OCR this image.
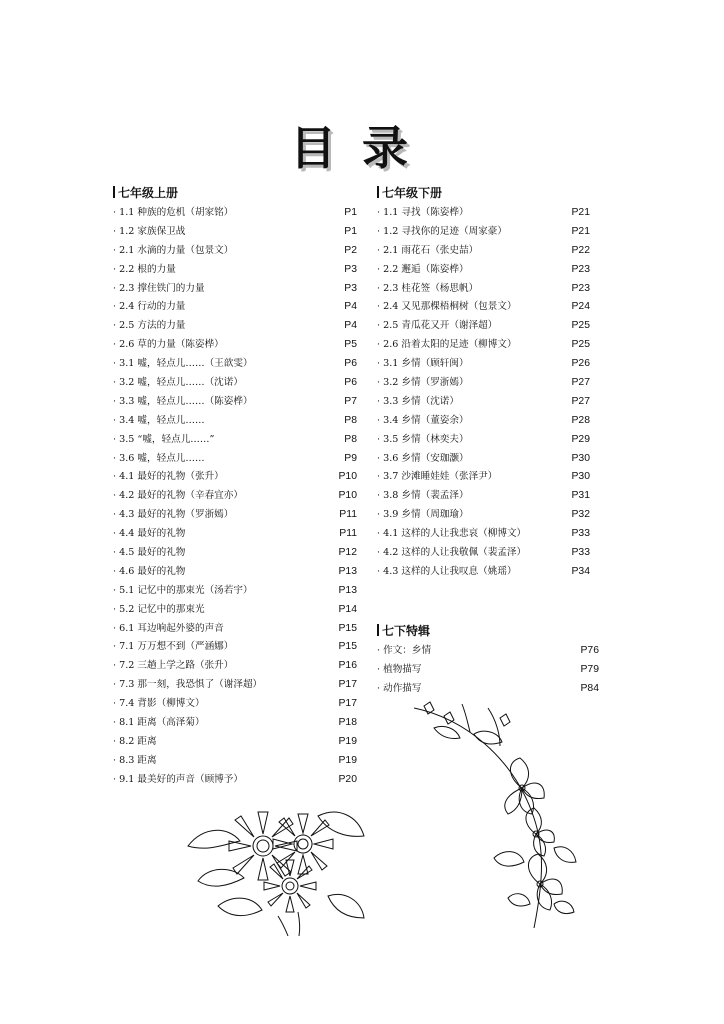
目录
七年级上册
· 1.1 种族的危机（胡家铭）	P1
· 1.2 家族保卫战	P1
· 2.1 水滴的力量（包景文）	P2
· 2.2 根的力量	P3
· 2.3 撑住铁门的力量	P3
· 2.4 行动的力量	P4
· 2.5 方法的力量	P4
· 2.6 草的力量（陈姿桦）	P5
· 3.1 嘘，轻点儿……（王歆雯）	P6
· 3.2 嘘，轻点儿……（沈诺）	P6
· 3.3 嘘，轻点儿……（陈姿桦）	P7
· 3.4 嘘，轻点儿……	P8
· 3.5 “嘘，轻点儿……”	P8
· 3.6 嘘，轻点儿……	P9
· 4.1 最好的礼物（张升）	P10
· 4.2 最好的礼物（辛春宜亦）	P10
· 4.3 最好的礼物（罗浙嫣）	P11
· 4.4 最好的礼物	P11
· 4.5 最好的礼物	P12
· 4.6 最好的礼物	P13
· 5.1 记忆中的那束光（汤若宇）	P13
· 5.2 记忆中的那束光	P14
· 6.1 耳边响起外婆的声音	P15
· 7.1 万万想不到（严涵娜）	P15
· 7.2 三趟上学之路（张升）	P16
· 7.3 那一刻，我恐惧了（谢泽超）	P17
· 7.4 背影（柳博文）	P17
· 8.1 距离（高泽菊）	P18
· 8.2 距离	P19
· 8.3 距离	P19
· 9.1 最美好的声音（顾博予）	P20
七年级下册
· 1.1 寻找（陈姿桦）	P21
· 1.2 寻找你的足迹（周家豪）	P21
· 2.1 雨花石（张史喆）	P22
· 2.2 邂逅（陈姿桦）	P23
· 2.3 桂花签（杨思帆）	P23
· 2.4 又见那棵梧桐树（包景文）	P24
· 2.5 青瓜花又开（谢泽超）	P25
· 2.6 沿着太阳的足迹（柳博文）	P25
· 3.1 乡情（顾轩闽）	P26
· 3.2 乡情（罗浙嫣）	P27
· 3.3 乡情（沈诺）	P27
· 3.4 乡情（董姿余）	P28
· 3.5 乡情（林奕夫）	P29
· 3.6 乡情（安珈灏）	P30
· 3.7 沙滩睡娃娃（张泽尹）	P30
· 3.8 乡情（裴孟泽）	P31
· 3.9 乡情（周珈瑜）	P32
· 4.1 这样的人让我悲哀（柳博文）	P33
· 4.2 这样的人让我敬佩（裴孟泽）	P33
· 4.3 这样的人让我叹息（姚瑶）	P34
七下特辑
· 作文：乡情	P76
· 植物描写	P79
· 动作描写	P84
